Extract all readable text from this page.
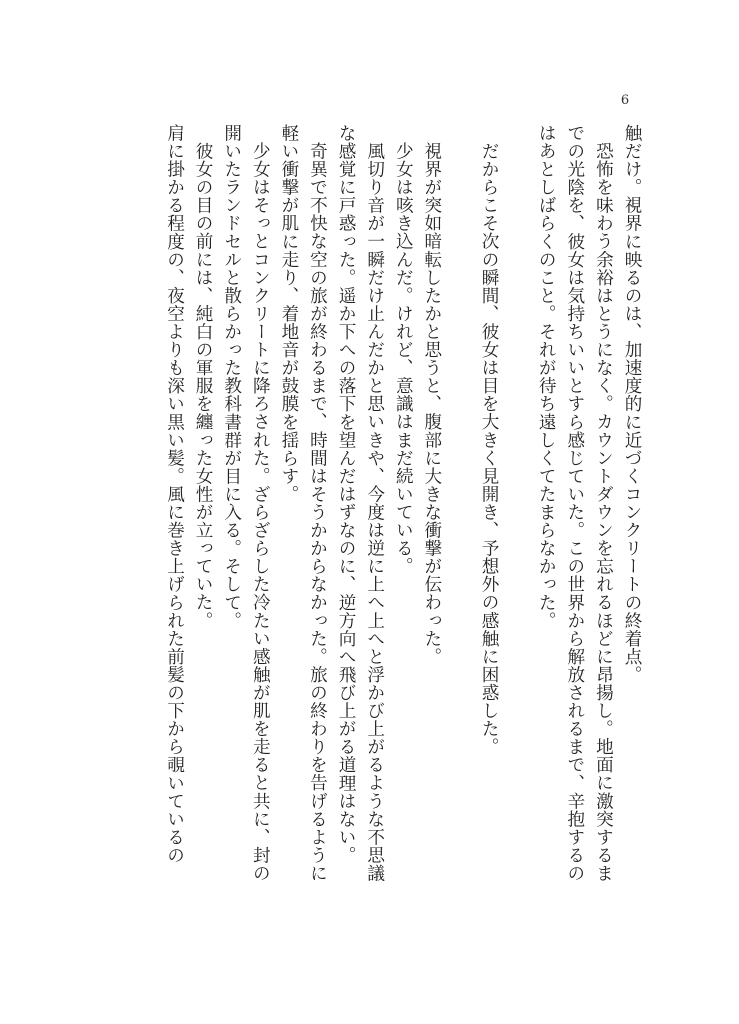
6

触だけ。視界に映るのは、加速度的に近づくコンクリートの終着点。

恐怖を味わう余裕はとうになく。カウントダウンを忘れるほどに昂揚し。地面に激突するま

での光陰を、彼女は気持ちいいとすら感じていた。この世界から解放されるまで、辛抱するの

はあとしばらくのこと。それが待ち遠しくてたまらなかった。

だからこそ次の瞬間、彼女は目を大きく見開き、予想外の感触に困惑した。

視界が突如暗転したかと思うと、腹部に大きな衝撃が伝わった。

少女は咳き込んだ。けれど、意識はまだ続いている。

風切り音が一瞬だけ止んだかと思いきや、今度は逆に上へ上へと浮かび上がるような不思議

な感覚に戸惑った。遥か下への落下を望んだはずなのに、逆方向へ飛び上がる道理はない。

奇異で不快な空の旅が終わるまで、時間はそうかからなかった。旅の終わりを告げるように

軽い衝撃が肌に走り、着地音が鼓膜を揺らす。

少女はそっとコンクリートに降ろされた。ざらざらした冷たい感触が肌を走ると共に、封の

開いたランドセルと散らかった教科書群が目に入る。そして。

彼女の目の前には、純白の軍服を纏った女性が立っていた。

肩に掛かる程度の、夜空よりも深い黒い髪。風に巻き上げられた前髪の下から覗いているの
